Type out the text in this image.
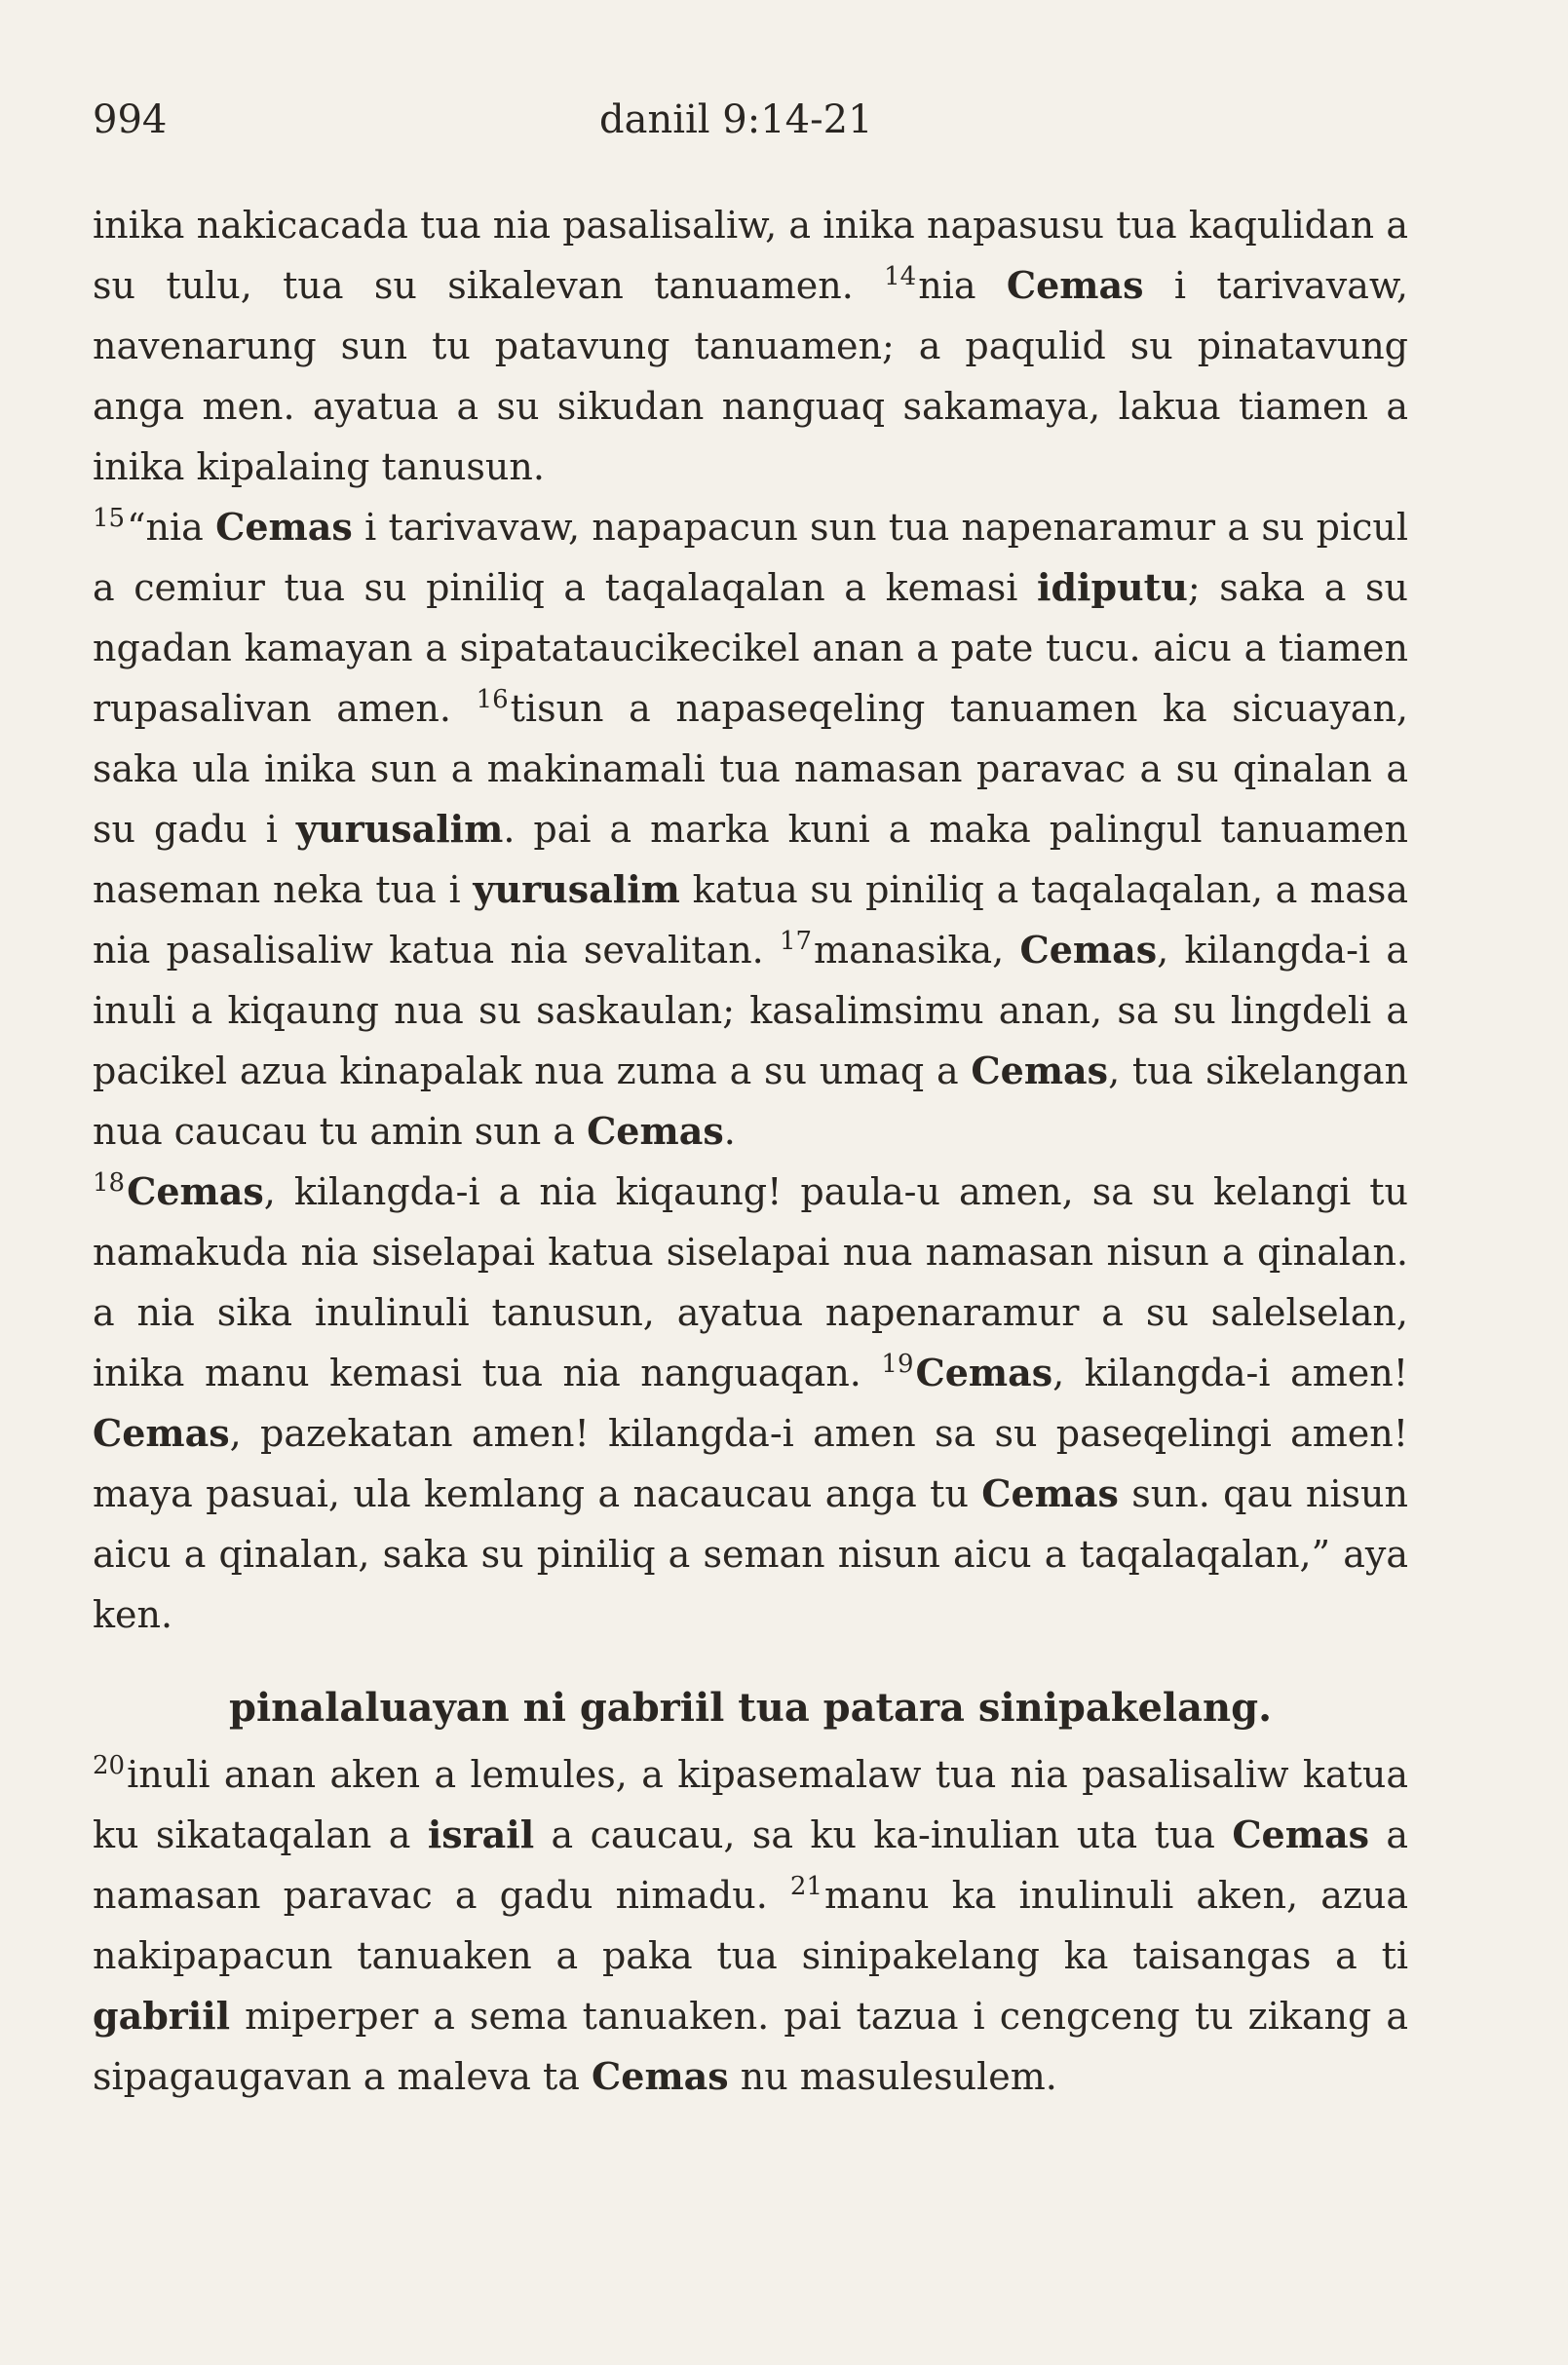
994	daniil 9:14-21

inika nakicacada tua nia pasalisaliw, a inika napasusu tua kaqulidan a su tulu, tua su sikalevan tanuamen. $^{14}$nia Cemas i tarivavaw, navenarung sun tu patavung tanuamen; a paqulid su pinatavung anga men. ayatua a su sikudan nanguaq sakamaya, lakua tiamen a inika kipalaing tanusun.

$^{15}$“nia Cemas i tarivavaw, napapacun sun tua napenaramur a su picul a cemiur tua su piniliq a taqalaqalan a kemasi idiputu; saka a su ngadan kamayan a sipatataucikecikel anan a pate tucu. aicu a tiamen rupasalivan amen. $^{16}$tisun a napaseqeling tanuamen ka sicuayan, saka ula inika sun a makinamali tua namasan paravac a su qinalan a su gadu i yurusalim. pai a marka kuni a maka palingul tanuamen naseman neka tua i yurusalim katua su piniliq a taqalaqalan, a masa nia pasalisaliw katua nia sevalitan. $^{17}$manasika, Cemas, kilangda-i a inuli a kiqaung nua su saskaulan; kasalimsimu anan, sa su lingdeli a pacikel azua kinapalak nua zuma a su umaq a Cemas, tua sikelangan nua caucau tu amin sun a Cemas.

$^{18}$Cemas, kilangda-i a nia kiqaung! paula-u amen, sa su kelangi tu namakuda nia siselapai katua siselapai nua namasan nisun a qinalan. a nia sika inulinuli tanusun, ayatua napenaramur a su salelselan, inika manu kemasi tua nia nanguaqan. $^{19}$Cemas, kilangda-i amen! Cemas, pazekatan amen! kilangda-i amen sa su paseqelingi amen! maya pasuai, ula kemlang a nacaucau anga tu Cemas sun. qau nisun aicu a qinalan, saka su piniliq a seman nisun aicu a taqalaqalan,” aya ken.

pinalaluayan ni gabriil tua patara sinipakelang.

$^{20}$inuli anan aken a lemules, a kipasemalaw tua nia pasalisaliw katua ku sikataqalan a israil a caucau, sa ku ka-inulian uta tua Cemas a namasan paravac a gadu nimadu. $^{21}$manu ka inulinuli aken, azua nakipapacun tanuaken a paka tua sinipakelang ka taisangas a ti gabriil miperper a sema tanuaken. pai tazua i cengceng tu zikang a sipagaugavan a maleva ta Cemas nu masulesulem.
